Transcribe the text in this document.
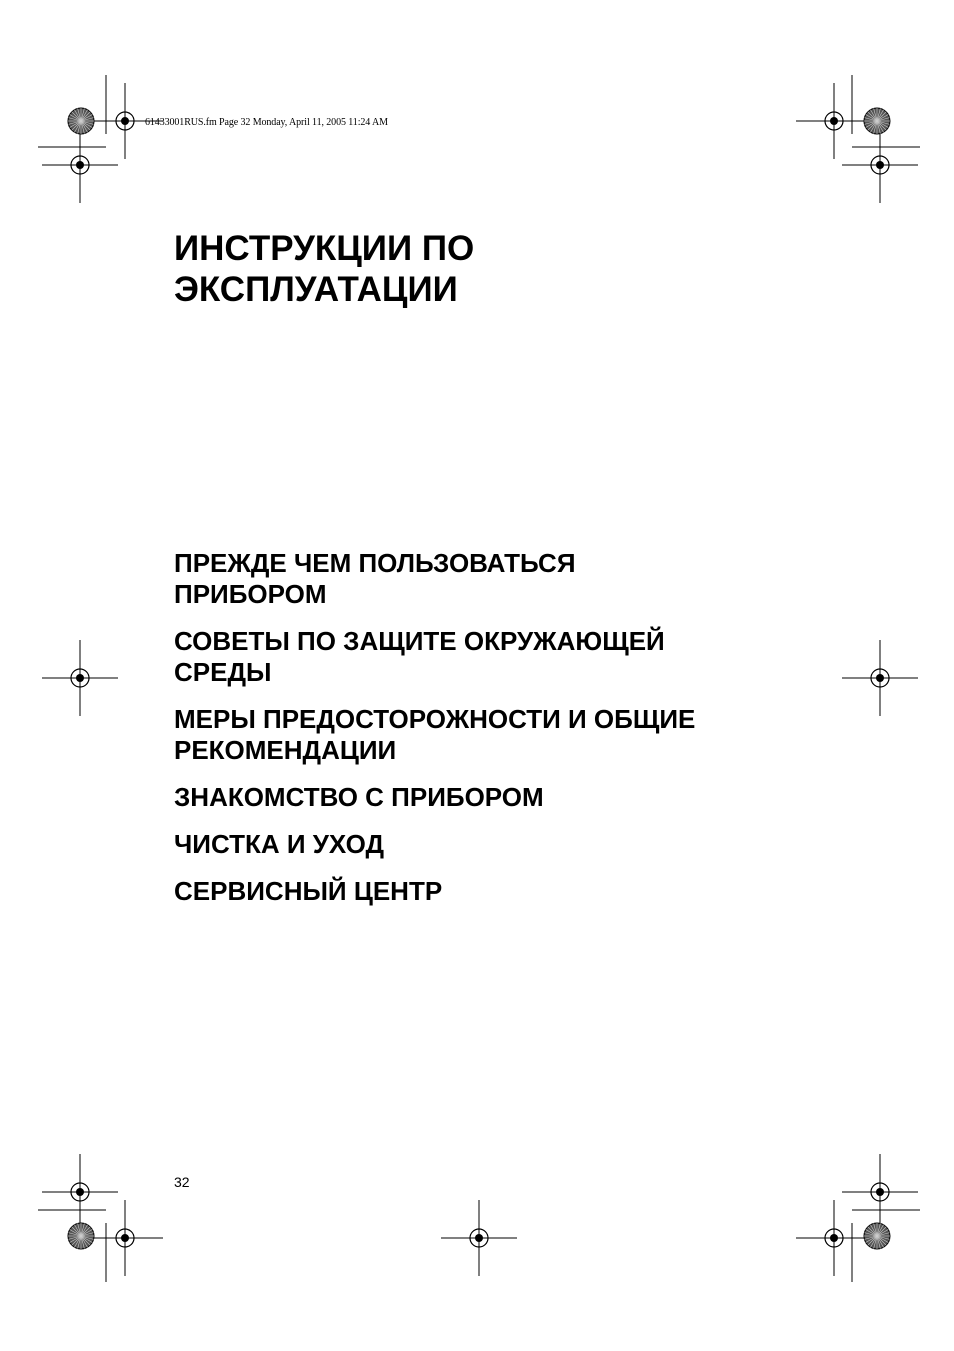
61433001RUS.fm Page 32 Monday, April 11, 2005 11:24 AM
ИНСТРУКЦИИ ПО
ЭКСПЛУАТАЦИИ

ПРЕЖДЕ ЧЕМ ПОЛЬЗОВАТЬСЯ
ПРИБОРОМ

СОВЕТЫ ПО ЗАЩИТЕ ОКРУЖАЮЩЕЙ
СРЕДЫ

МЕРЫ ПРЕДОСТОРОЖНОСТИ И ОБЩИЕ
РЕКОМЕНДАЦИИ

ЗНАКОМСТВО С ПРИБОРОМ

ЧИСТКА И УХОД

СЕРВИСНЫЙ ЦЕНТР

32
